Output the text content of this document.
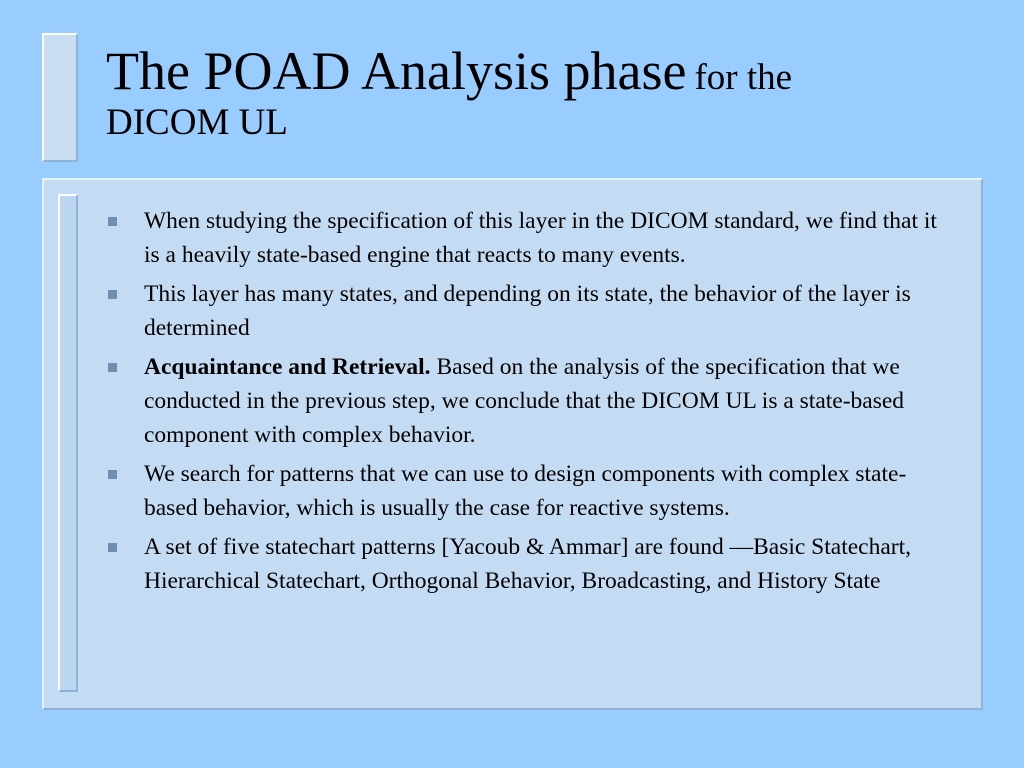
The POAD Analysis phase for the
DICOM UL
When studying the specification of this layer in the DICOM standard, we find that it is a heavily state-based engine that reacts to many events.
This layer has many states, and depending on its state, the behavior of the layer is determined
Acquaintance and Retrieval. Based on the analysis of the specification that we conducted in the previous step, we conclude that the DICOM UL is a state-based component with complex behavior.
We search for patterns that we can use to design components with complex state-based behavior, which is usually the case for reactive systems.
A set of five statechart patterns [Yacoub & Ammar] are found —Basic Statechart, Hierarchical Statechart, Orthogonal Behavior, Broadcasting, and History State
